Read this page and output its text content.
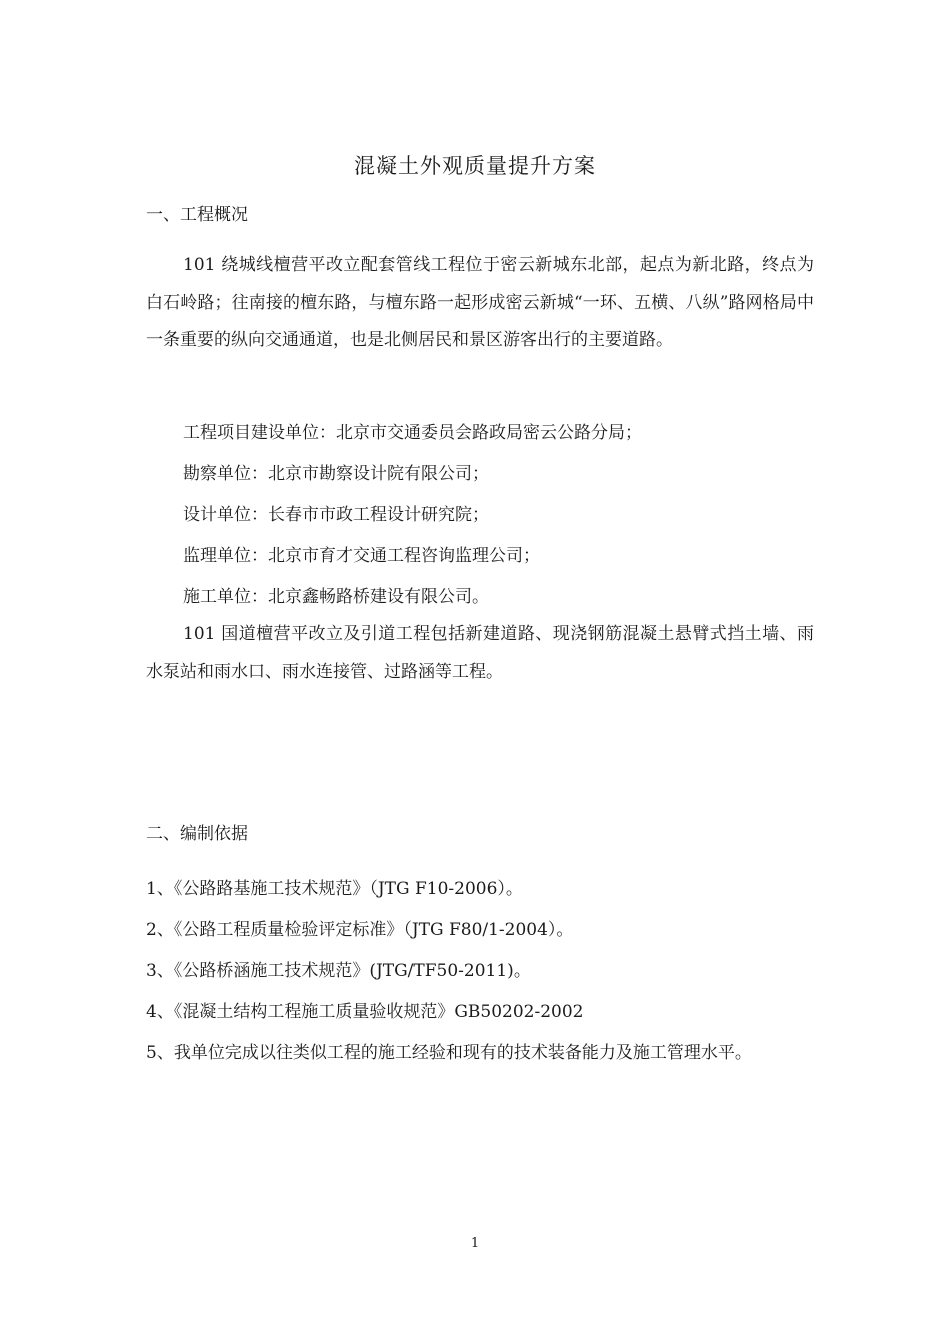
混凝土外观质量提升方案
一、工程概况

101 绕城线檀营平改立配套管线工程位于密云新城东北部，起点为新北路，终点为白石岭路；往南接的檀东路，与檀东路一起形成密云新城“一环、五横、八纵”路网格局中一条重要的纵向交通通道，也是北侧居民和景区游客出行的主要道路。

工程项目建设单位：北京市交通委员会路政局密云公路分局；
勘察单位：北京市勘察设计院有限公司；
设计单位：长春市市政工程设计研究院；
监理单位：北京市育才交通工程咨询监理公司；
施工单位：北京鑫畅路桥建设有限公司。

101 国道檀营平改立及引道工程包括新建道路、现浇钢筋混凝土悬臂式挡土墙、雨水泵站和雨水口、雨水连接管、过路涵等工程。

二、编制依据
1、《公路路基施工技术规范》（JTG F10-2006）。
2、《公路工程质量检验评定标准》（JTG F80/1-2004）。
3、《公路桥涵施工技术规范》(JTG/TF50-2011)。
4、《混凝土结构工程施工质量验收规范》GB50202-2002
5、我单位完成以往类似工程的施工经验和现有的技术装备能力及施工管理水平。
1
